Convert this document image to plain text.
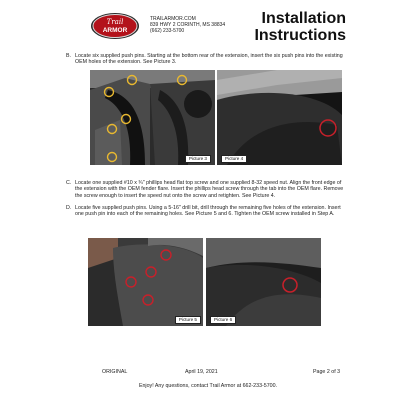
Trail
ARMOR
TRAILARMOR.COM
839 HWY 2 CORINTH, MS 38834
(662) 233-5700
Installation
Instructions
B. Locate six supplied push pins. Starting at the bottom rear of the extension, insert the six push pins into the existing OEM holes of the extension. See Picture 3.
Picture 3	Picture 4
C. Locate one supplied #10 x ¾" phillips head flat top screw and one supplied 8-32 speed nut. Align the front edge of the extension with the OEM fender flare. Insert the phillips head screw through the tab into the OEM flare. Remove the screw enough to insert the speed nut onto the screw and retighten. See Picture 4.
D. Locate five supplied push pins. Using a 5-16" drill bit, drill through the remaining five holes of the extension. Insert one push pin into each of the remaining holes. See Picture 5 and 6. Tighten the OEM screw installed in Step A.
Picture 5	Picture 6
ORIGINAL	April 19, 2021	Page 2 of 3
Enjoy! Any questions, contact Trail Armor at 662-233-5700.
